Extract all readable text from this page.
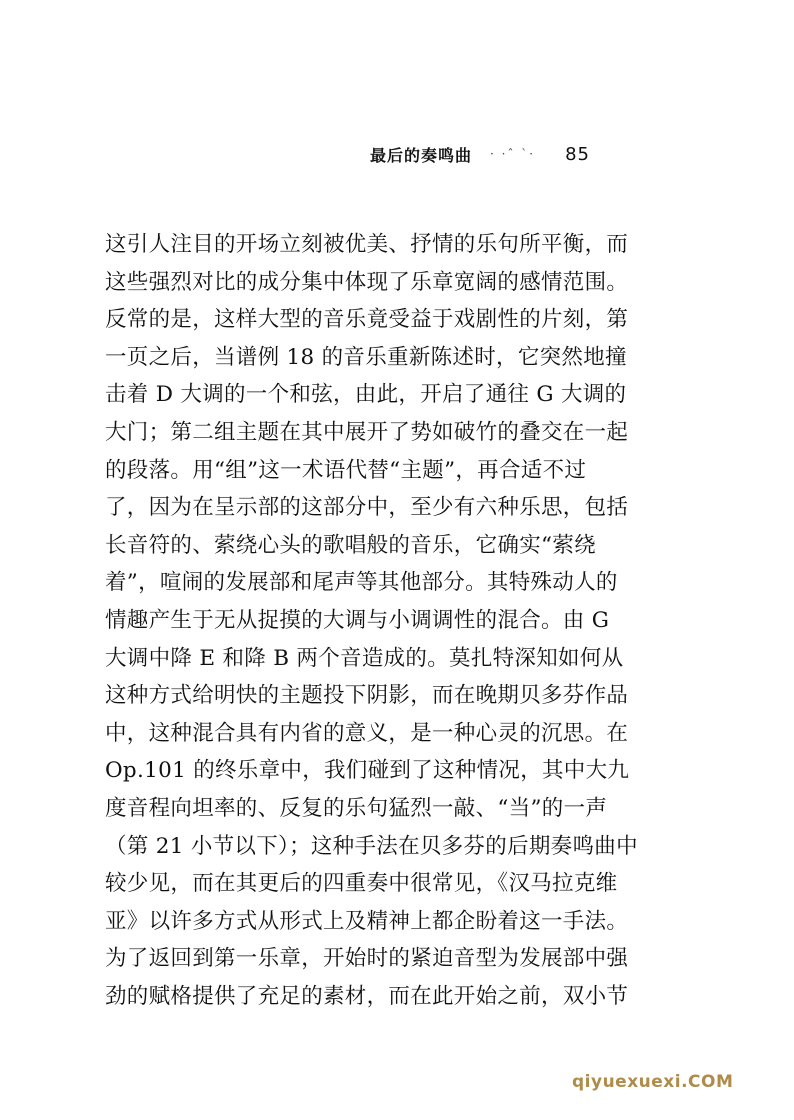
最后的奏鸣曲 · ·ˆ ˋ· 85
这引人注目的开场立刻被优美、抒情的乐句所平衡，而
这些强烈对比的成分集中体现了乐章宽阔的感情范围。
反常的是，这样大型的音乐竟受益于戏剧性的片刻，第
一页之后，当谱例 18 的音乐重新陈述时，它突然地撞
击着 D 大调的一个和弦，由此，开启了通往 G 大调的
大门；第二组主题在其中展开了势如破竹的叠交在一起
的段落。用“组”这一术语代替“主题”，再合适不过
了，因为在呈示部的这部分中，至少有六种乐思，包括
长音符的、萦绕心头的歌唱般的音乐，它确实“萦绕
着”，喧闹的发展部和尾声等其他部分。其特殊动人的
情趣产生于无从捉摸的大调与小调调性的混合。由 G
大调中降 E 和降 B 两个音造成的。莫扎特深知如何从
这种方式给明快的主题投下阴影，而在晚期贝多芬作品
中，这种混合具有内省的意义，是一种心灵的沉思。在
Op.101 的终乐章中，我们碰到了这种情况，其中大九
度音程向坦率的、反复的乐句猛烈一敲、“当”的一声
（第 21 小节以下）；这种手法在贝多芬的后期奏鸣曲中
较少见，而在其更后的四重奏中很常见，《汉马拉克维
亚》以许多方式从形式上及精神上都企盼着这一手法。
为了返回到第一乐章，开始时的紧迫音型为发展部中强
劲的赋格提供了充足的素材，而在此开始之前，双小节
qiyuexuexi.COM
